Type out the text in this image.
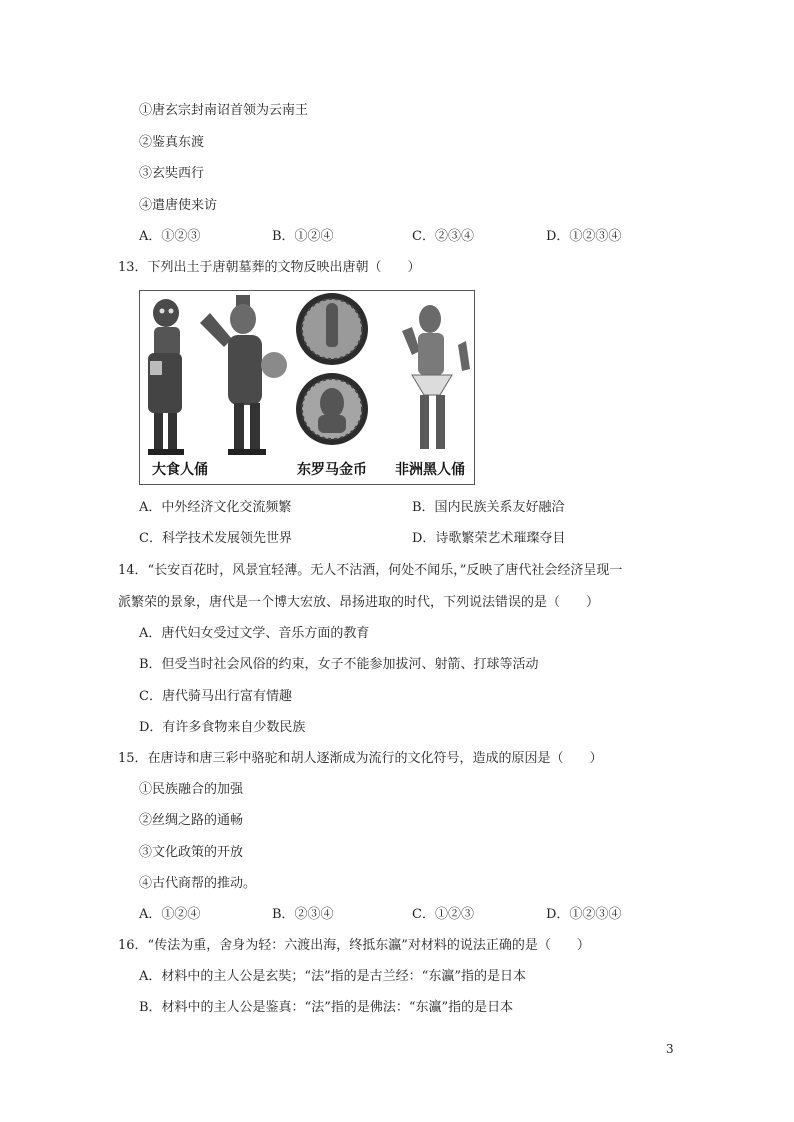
①唐玄宗封南诏首领为云南王
②鉴真东渡
③玄奘西行
④遣唐使来访
A．①②③	B．①②④	C．②③④	D．①②③④
13．下列出土于唐朝墓葬的文物反映出唐朝（　　）
大食人俑	东罗马金币 非洲黑人俑
A．中外经济文化交流频繁	B．国内民族关系友好融洽
C．科学技术发展领先世界	D．诗歌繁荣艺术璀璨夺目
14．“长安百花时，风景宜轻薄。无人不沽酒，何处不闻乐，”反映了唐代社会经济呈现一
派繁荣的景象，唐代是一个博大宏放、昂扬进取的时代，下列说法错误的是（　　）
A．唐代妇女受过文学、音乐方面的教育
B．但受当时社会风俗的约束，女子不能参加拔河、射箭、打球等活动
C．唐代骑马出行富有情趣
D．有许多食物来自少数民族
15．在唐诗和唐三彩中骆驼和胡人逐渐成为流行的文化符号，造成的原因是（　　）
①民族融合的加强
②丝绸之路的通畅
③文化政策的开放
④古代商帮的推动。
A．①②④	B．②③④	C．①②③	D．①②③④
16．“传法为重，舍身为轻：六渡出海，终抵东瀛”对材料的说法正确的是（　　）
A．材料中的主人公是玄奘；“法”指的是古兰经：“东瀛”指的是日本
B．材料中的主人公是鉴真：“法”指的是佛法：“东瀛”指的是日本
3
